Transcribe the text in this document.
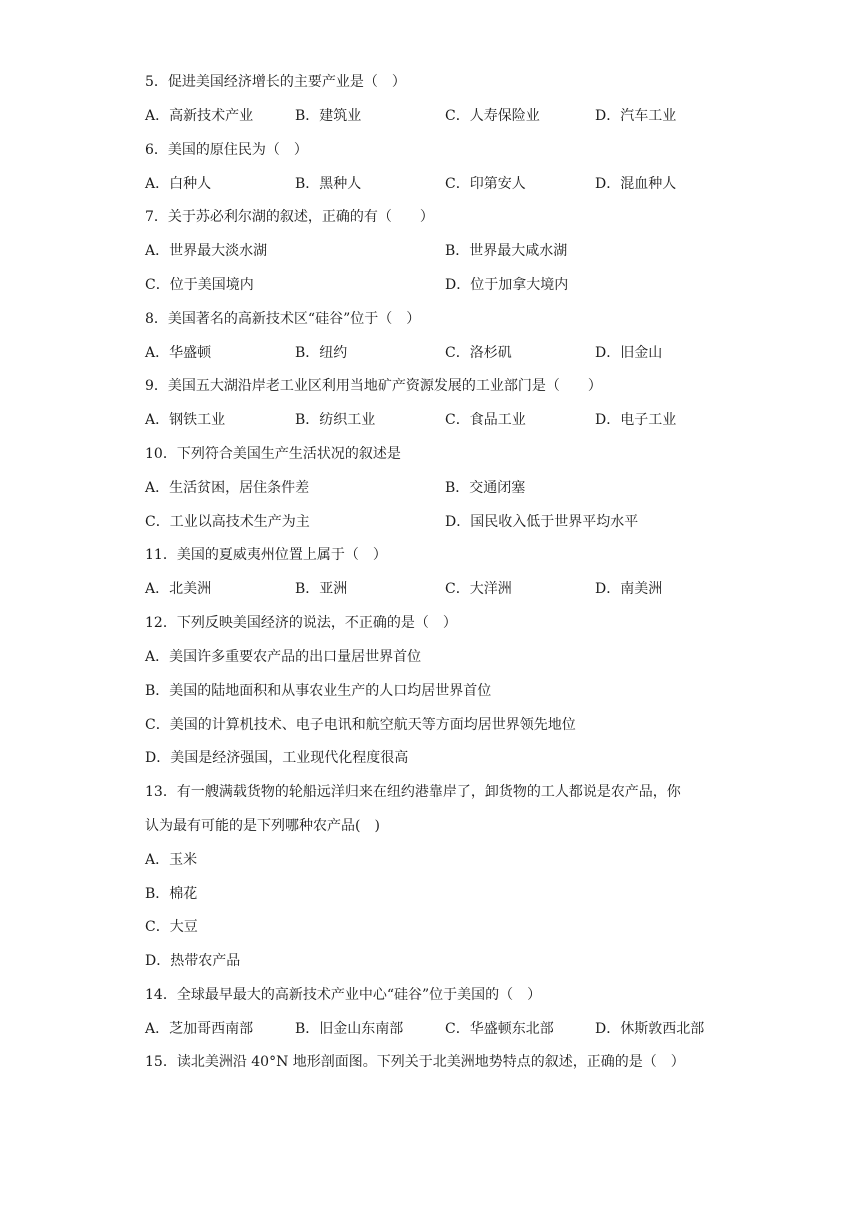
5．促进美国经济增长的主要产业是（　）
A．高新技术产业	B．建筑业	C．人寿保险业	D．汽车工业
6．美国的原住民为（　）
A．白种人	B．黑种人	C．印第安人	D．混血种人
7．关于苏必利尔湖的叙述，正确的有（　　）
A．世界最大淡水湖	B．世界最大咸水湖
C．位于美国境内	D．位于加拿大境内
8．美国著名的高新技术区“硅谷”位于（　）
A．华盛顿	B．纽约	C．洛杉矶	D．旧金山
9．美国五大湖沿岸老工业区利用当地矿产资源发展的工业部门是（　　）
A．钢铁工业	B．纺织工业	C．食品工业	D．电子工业
10．下列符合美国生产生活状况的叙述是
A．生活贫困，居住条件差	B．交通闭塞
C．工业以高技术生产为主	D．国民收入低于世界平均水平
11．美国的夏威夷州位置上属于（　）
A．北美洲	B．亚洲	C．大洋洲	D．南美洲
12．下列反映美国经济的说法，不正确的是（　）
A．美国许多重要农产品的出口量居世界首位
B．美国的陆地面积和从事农业生产的人口均居世界首位
C．美国的计算机技术、电子电讯和航空航天等方面均居世界领先地位
D．美国是经济强国，工业现代化程度很高
13．有一艘满载货物的轮船远洋归来在纽约港靠岸了，卸货物的工人都说是农产品，你
认为最有可能的是下列哪种农产品(　)
A．玉米
B．棉花
C．大豆
D．热带农产品
14．全球最早最大的高新技术产业中心“硅谷”位于美国的（　）
A．芝加哥西南部	B．旧金山东南部	C．华盛顿东北部	D．休斯敦西北部
15．读北美洲沿 40°N 地形剖面图。下列关于北美洲地势特点的叙述，正确的是（　）
